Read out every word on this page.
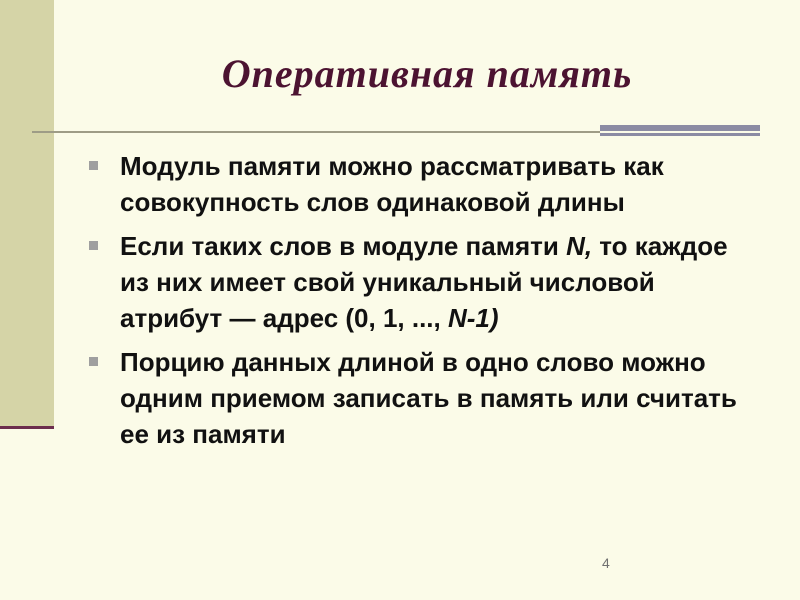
Оперативная память
Модуль памяти можно рассматривать как совокупность слов одинаковой длины
Если таких слов в модуле памяти N, то каждое из них имеет свой уникальный числовой атрибут — адрес (0, 1, ..., N-1)
Порцию данных длиной в одно слово можно одним приемом записать в память или считать ее из памяти
4
